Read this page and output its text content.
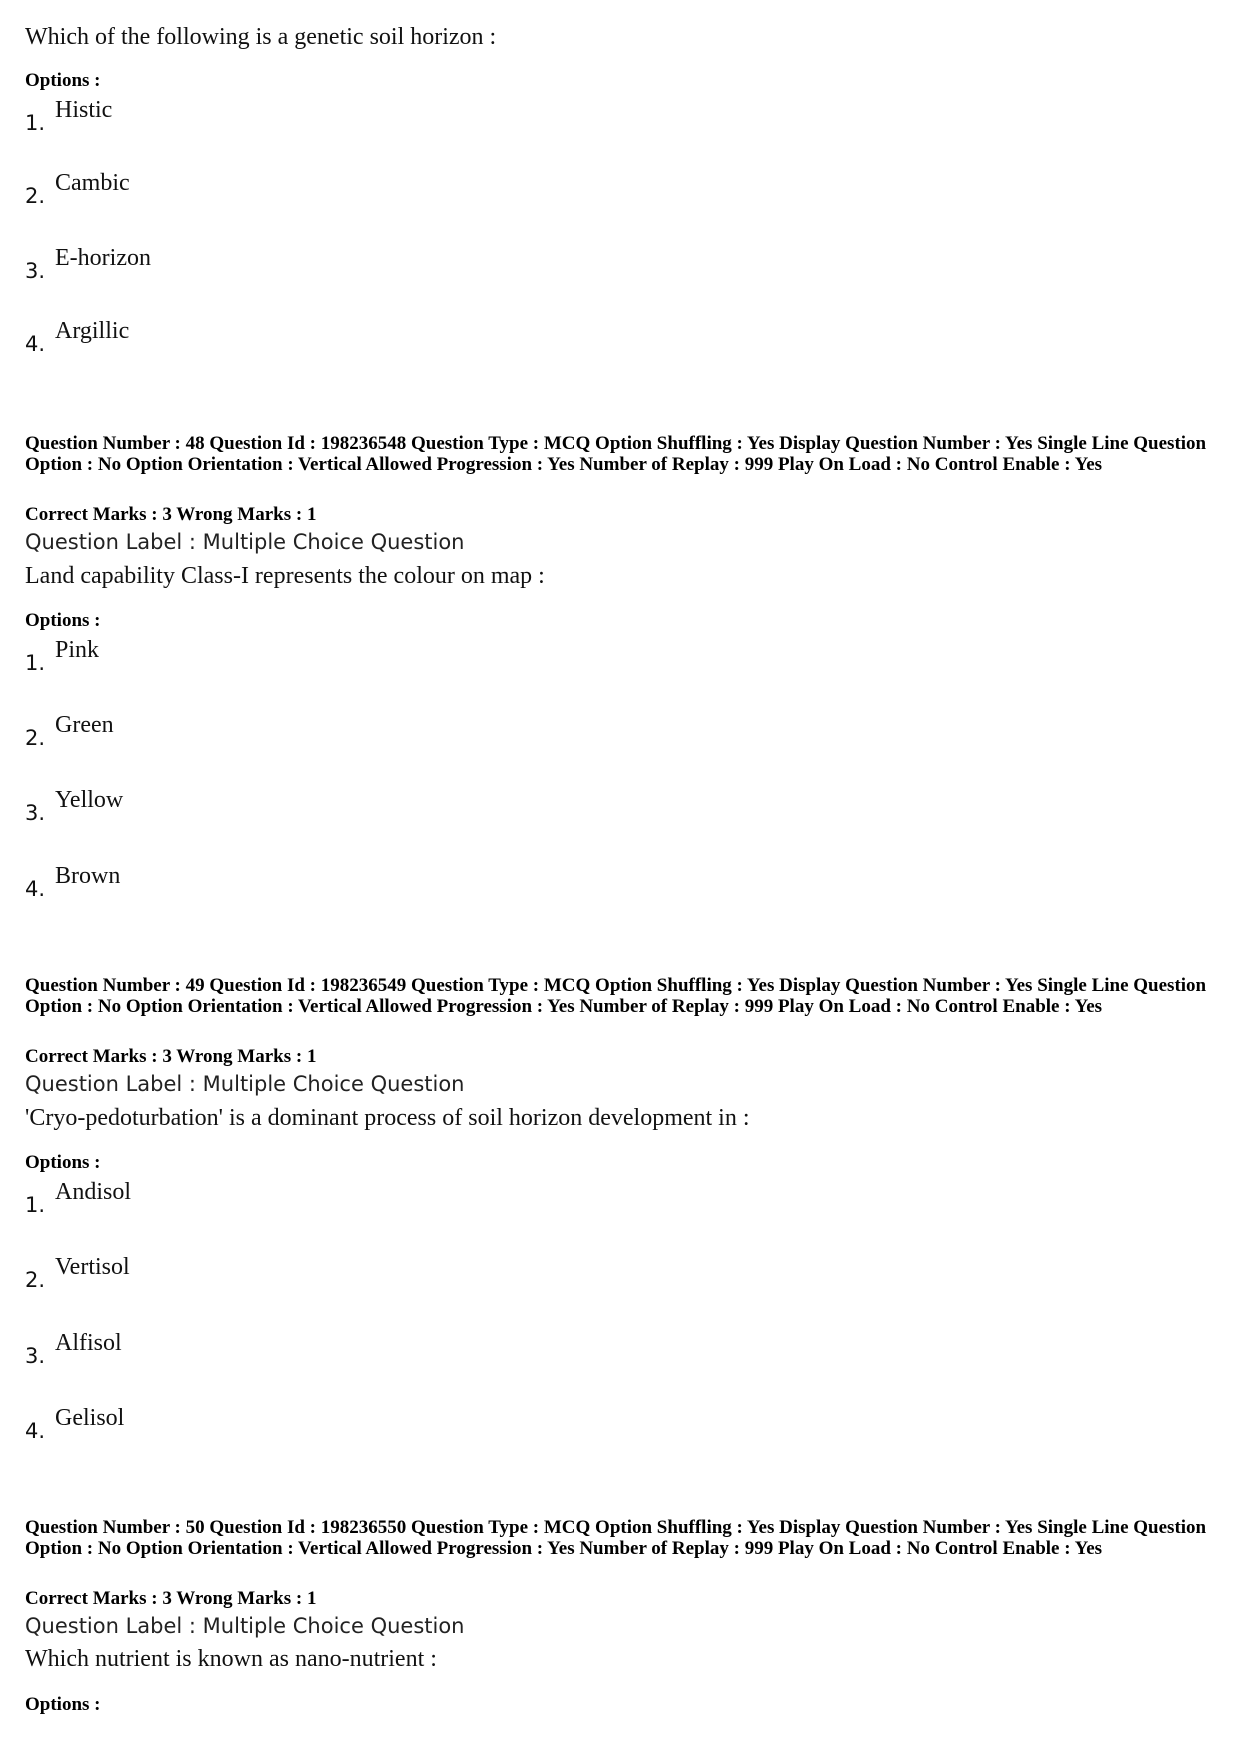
Which of the following is a genetic soil horizon :
Options :
1. Histic
2. Cambic
3. E-horizon
4. Argillic
Question Number : 48 Question Id : 198236548 Question Type : MCQ Option Shuffling : Yes Display Question Number : Yes Single Line Question Option : No Option Orientation : Vertical Allowed Progression : Yes Number of Replay : 999 Play On Load : No Control Enable : Yes
Correct Marks : 3 Wrong Marks : 1
Question Label : Multiple Choice Question
Land capability Class-I represents the colour on map :
Options :
1. Pink
2. Green
3. Yellow
4. Brown
Question Number : 49 Question Id : 198236549 Question Type : MCQ Option Shuffling : Yes Display Question Number : Yes Single Line Question Option : No Option Orientation : Vertical Allowed Progression : Yes Number of Replay : 999 Play On Load : No Control Enable : Yes
Correct Marks : 3 Wrong Marks : 1
Question Label : Multiple Choice Question
'Cryo-pedoturbation' is a dominant process of soil horizon development in :
Options :
1. Andisol
2. Vertisol
3. Alfisol
4. Gelisol
Question Number : 50 Question Id : 198236550 Question Type : MCQ Option Shuffling : Yes Display Question Number : Yes Single Line Question Option : No Option Orientation : Vertical Allowed Progression : Yes Number of Replay : 999 Play On Load : No Control Enable : Yes
Correct Marks : 3 Wrong Marks : 1
Question Label : Multiple Choice Question
Which nutrient is known as nano-nutrient :
Options :
